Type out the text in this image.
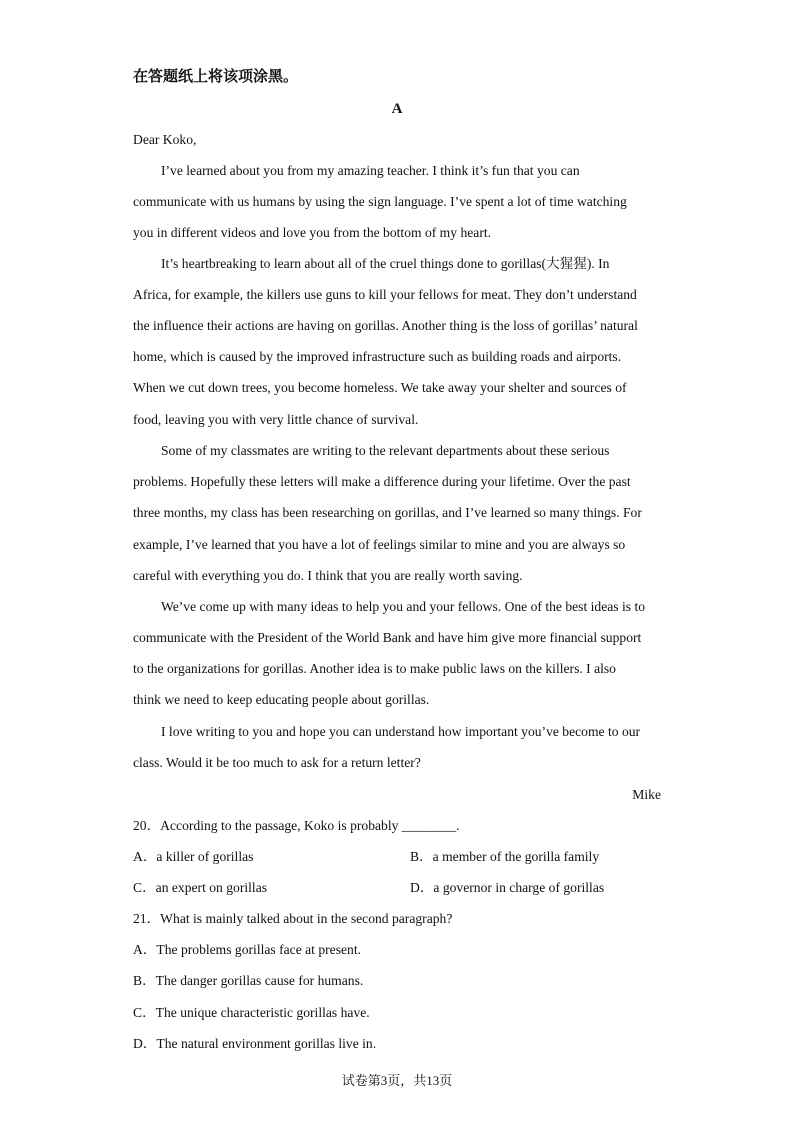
在答题纸上将该项涂黑。
A
Dear Koko,
I’ve learned about you from my amazing teacher. I think it’s fun that you can
communicate with us humans by using the sign language. I’ve spent a lot of time watching
you in different videos and love you from the bottom of my heart.
It’s heartbreaking to learn about all of the cruel things done to gorillas(大猩猩). In
Africa, for example, the killers use guns to kill your fellows for meat. They don’t understand
the influence their actions are having on gorillas. Another thing is the loss of gorillas’ natural
home, which is caused by the improved infrastructure such as building roads and airports.
When we cut down trees, you become homeless. We take away your shelter and sources of
food, leaving you with very little chance of survival.
Some of my classmates are writing to the relevant departments about these serious
problems. Hopefully these letters will make a difference during your lifetime. Over the past
three months, my class has been researching on gorillas, and I’ve learned so many things. For
example, I’ve learned that you have a lot of feelings similar to mine and you are always so
careful with everything you do. I think that you are really worth saving.
We’ve come up with many ideas to help you and your fellows. One of the best ideas is to
communicate with the President of the World Bank and have him give more financial support
to the organizations for gorillas. Another idea is to make public laws on the killers. I also
think we need to keep educating people about gorillas.
I love writing to you and hope you can understand how important you’ve become to our
class. Would it be too much to ask for a return letter?
Mike
20．According to the passage, Koko is probably ________.
A．a killer of gorillas	B．a member of the gorilla family
C．an expert on gorillas	D．a governor in charge of gorillas
21．What is mainly talked about in the second paragraph?
A．The problems gorillas face at present.
B．The danger gorillas cause for humans.
C．The unique characteristic gorillas have.
D．The natural environment gorillas live in.
试卷第3页，共13页
